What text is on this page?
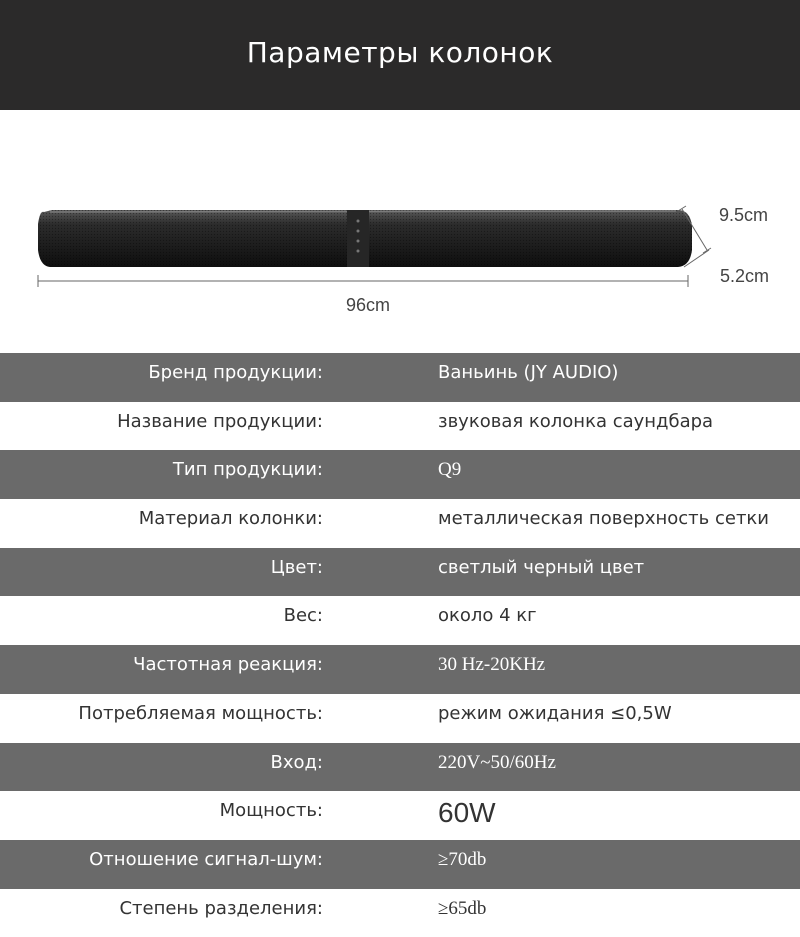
Параметры колонок
9.5cm
5.2cm
96cm
Бренд продукции:	Ваньинь (JY AUDIO)
Название продукции:	звуковая колонка саундбара
Тип продукции:	Q9
Материал колонки:	металлическая поверхность сетки
Цвет:	светлый черный цвет
Вес:	около 4 кг
Частотная реакция:	30 Hz-20KHz
Потребляемая мощность:	режим ожидания ≤0,5W
Вход:	220V~50/60Hz
Мощность:	60W
Отношение сигнал-шум:	≥70db
Степень разделения:	≥65db
